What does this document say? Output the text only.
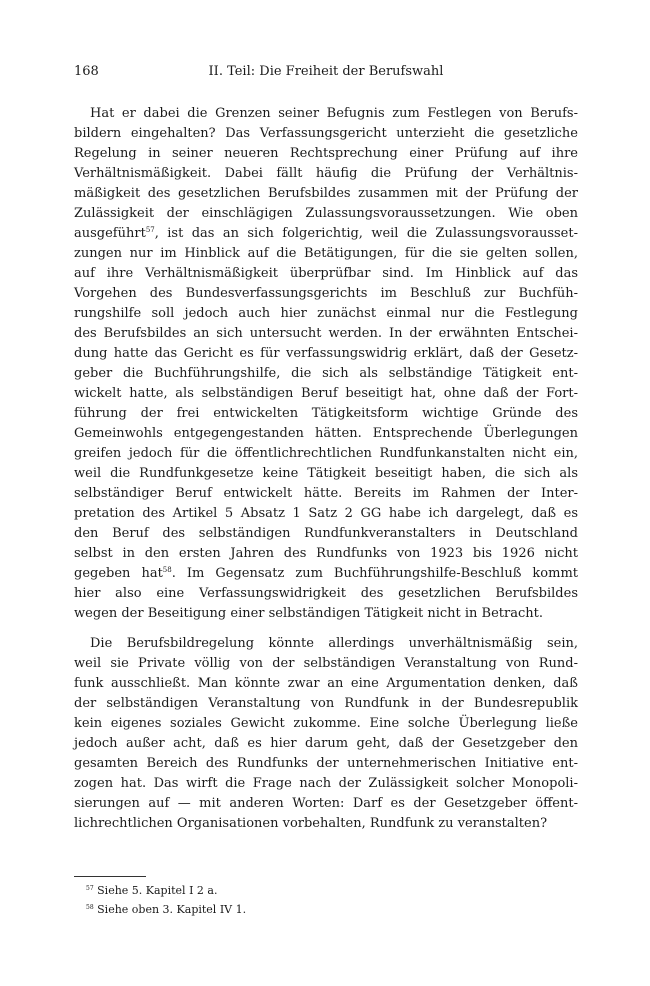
168	II. Teil: Die Freiheit der Berufswahl
Hat er dabei die Grenzen seiner Befugnis zum Festlegen von Berufs-
bildern eingehalten? Das Verfassungsgericht unterzieht die gesetzliche
Regelung in seiner neueren Rechtsprechung einer Prüfung auf ihre
Verhältnismäßigkeit. Dabei fällt häufig die Prüfung der Verhältnis-
mäßigkeit des gesetzlichen Berufsbildes zusammen mit der Prüfung der
Zulässigkeit der einschlägigen Zulassungsvoraussetzungen. Wie oben
ausgeführt$^{57}$, ist das an sich folgerichtig, weil die Zulassungsvorausset-
zungen nur im Hinblick auf die Betätigungen, für die sie gelten sollen,
auf ihre Verhältnismäßigkeit überprüfbar sind. Im Hinblick auf das
Vorgehen des Bundesverfassungsgerichts im Beschluß zur Buchfüh-
rungshilfe soll jedoch auch hier zunächst einmal nur die Festlegung
des Berufsbildes an sich untersucht werden. In der erwähnten Entschei-
dung hatte das Gericht es für verfassungswidrig erklärt, daß der Gesetz-
geber die Buchführungshilfe, die sich als selbständige Tätigkeit ent-
wickelt hatte, als selbständigen Beruf beseitigt hat, ohne daß der Fort-
führung der frei entwickelten Tätigkeitsform wichtige Gründe des
Gemeinwohls entgegengestanden hätten. Entsprechende Überlegungen
greifen jedoch für die öffentlichrechtlichen Rundfunkanstalten nicht ein,
weil die Rundfunkgesetze keine Tätigkeit beseitigt haben, die sich als
selbständiger Beruf entwickelt hätte. Bereits im Rahmen der Inter-
pretation des Artikel 5 Absatz 1 Satz 2 GG habe ich dargelegt, daß es
den Beruf des selbständigen Rundfunkveranstalters in Deutschland
selbst in den ersten Jahren des Rundfunks von 1923 bis 1926 nicht
gegeben hat$^{58}$. Im Gegensatz zum Buchführungshilfe-Beschluß kommt
hier also eine Verfassungswidrigkeit des gesetzlichen Berufsbildes
wegen der Beseitigung einer selbständigen Tätigkeit nicht in Betracht.
Die Berufsbildregelung könnte allerdings unverhältnismäßig sein,
weil sie Private völlig von der selbständigen Veranstaltung von Rund-
funk ausschließt. Man könnte zwar an eine Argumentation denken, daß
der selbständigen Veranstaltung von Rundfunk in der Bundesrepublik
kein eigenes soziales Gewicht zukomme. Eine solche Überlegung ließe
jedoch außer acht, daß es hier darum geht, daß der Gesetzgeber den
gesamten Bereich des Rundfunks der unternehmerischen Initiative ent-
zogen hat. Das wirft die Frage nach der Zulässigkeit solcher Monopoli-
sierungen auf — mit anderen Worten: Darf es der Gesetzgeber öffent-
lichrechtlichen Organisationen vorbehalten, Rundfunk zu veranstalten?
$^{57}$ Siehe 5. Kapitel I 2 a.
$^{58}$ Siehe oben 3. Kapitel IV 1.
